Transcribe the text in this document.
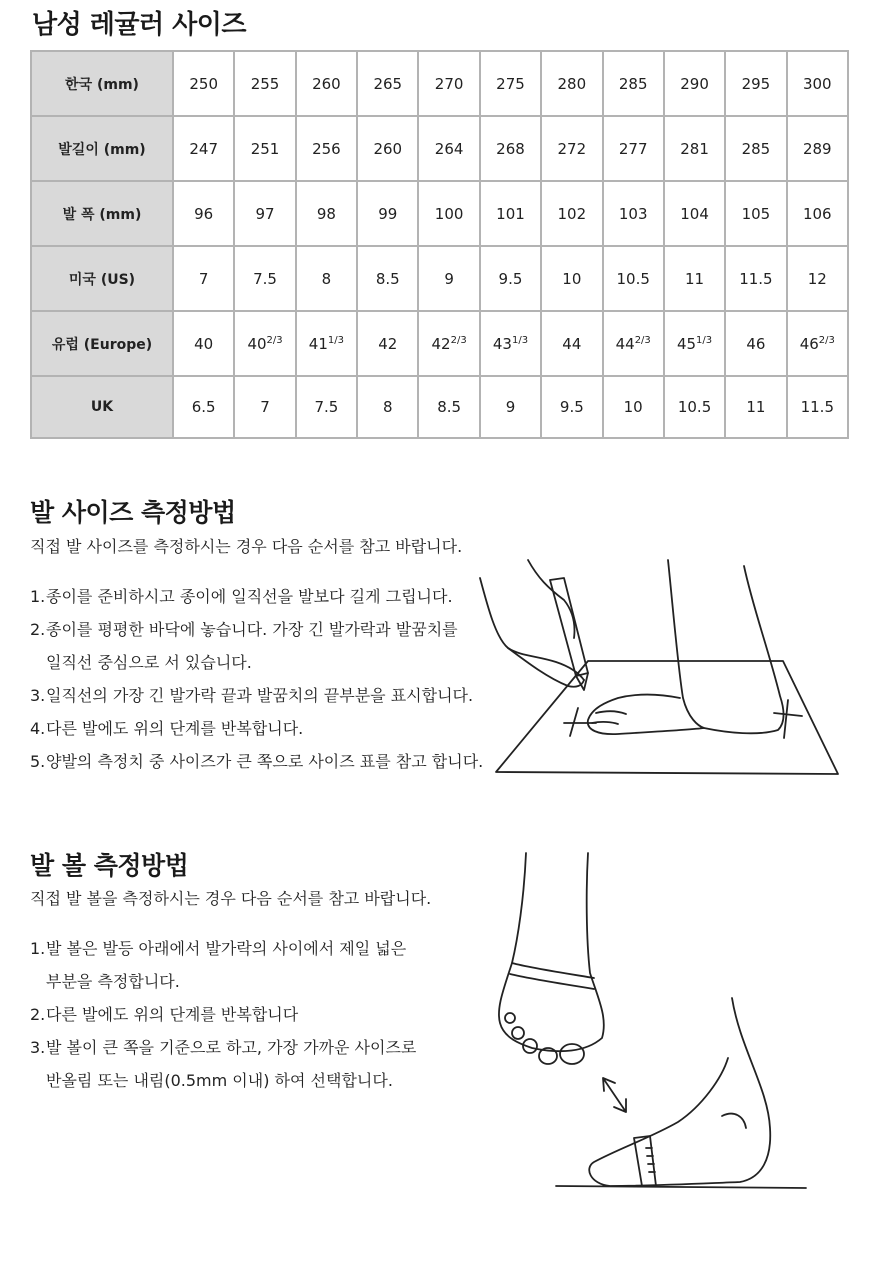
남성 레귤러 사이즈
한국 (mm)	250	255	260	265	270	275	280	285	290	295	300
발길이 (mm)	247	251	256	260	264	268	272	277	281	285	289
발 폭 (mm)	96	97	98	99	100	101	102	103	104	105	106
미국 (US)	7	7.5	8	8.5	9	9.5	10	10.5	11	11.5	12
유럽 (Europe)	40	$40^{2/3}$	$41^{1/3}$	42	$42^{2/3}$	$43^{1/3}$	44	$44^{2/3}$	$45^{1/3}$	46	$46^{2/3}$
UK	6.5	7	7.5	8	8.5	9	9.5	10	10.5	11	11.5
발 사이즈 측정방법

직접 발 사이즈를 측정하시는 경우 다음 순서를 참고 바랍니다.

1.종이를 준비하시고 종이에 일직선을 발보다 길게 그립니다.
2.종이를 평평한 바닥에 놓습니다. 가장 긴 발가락과 발꿈치를
일직선 중심으로 서 있습니다.
3.일직선의 가장 긴 발가락 끝과 발꿈치의 끝부분을 표시합니다.
4.다른 발에도 위의 단계를 반복합니다.
5.양발의 측정치 중 사이즈가 큰 쪽으로 사이즈 표를 참고 합니다.
발 볼 측정방법

직접 발 볼을 측정하시는 경우 다음 순서를 참고 바랍니다.

1.발 볼은 발등 아래에서 발가락의 사이에서 제일 넓은
부분을 측정합니다.
2.다른 발에도 위의 단계를 반복합니다
3.발 볼이 큰 쪽을 기준으로 하고, 가장 가까운 사이즈로
반올림 또는 내림(0.5mm 이내) 하여 선택합니다.
